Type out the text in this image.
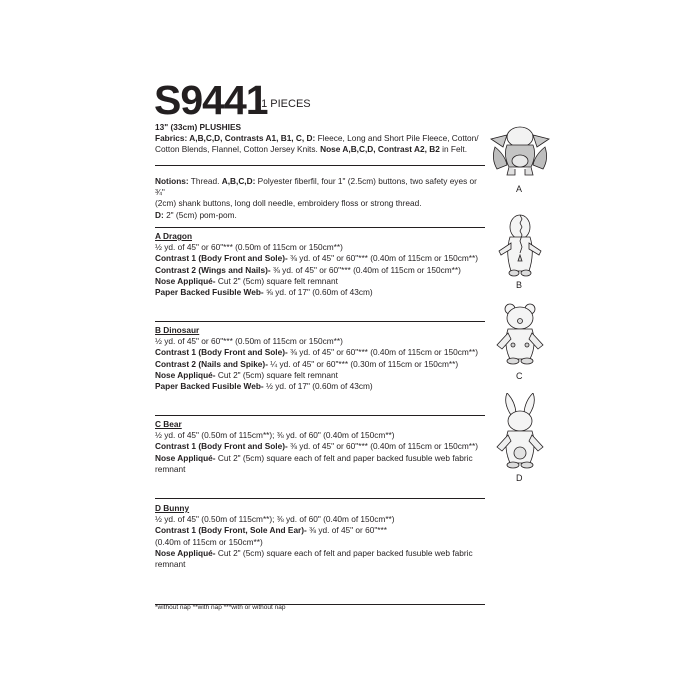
S9441
21 PIECES
13" (33cm) PLUSHIES
Fabrics: A,B,C,D, Contrasts A1, B1, C, D: Fleece, Long and Short Pile Fleece, Cotton/
Cotton Blends, Flannel, Cotton Jersey Knits. Nose A,B,C,D, Contrast A2, B2 in Felt.
Notions: Thread. A,B,C,D: Polyester fiberfil, four 1" (2.5cm) buttons, two safety eyes or ¾"
(2cm) shank buttons, long doll needle, embroidery floss or strong thread.
D: 2" (5cm) pom-pom.
A Dragon
½ yd. of 45" or 60"*** (0.50m of 115cm or 150cm**)
Contrast 1 (Body Front and Sole)- ⅜ yd. of 45" or 60"*** (0.40m of 115cm or 150cm**)
Contrast 2 (Wings and Nails)- ⅜ yd. of 45" or 60"*** (0.40m of 115cm or 150cm**)
Nose Appliqué- Cut 2" (5cm) square felt remnant
Paper Backed Fusible Web- ⅝ yd. of 17" (0.60m of 43cm)
B Dinosaur
½ yd. of 45" or 60"*** (0.50m of 115cm or 150cm**)
Contrast 1 (Body Front and Sole)- ⅜ yd. of 45" or 60"*** (0.40m of 115cm or 150cm**)
Contrast 2 (Nails and Spike)- ¼ yd. of 45" or 60"*** (0.30m of 115cm or 150cm**)
Nose Appliqué- Cut 2" (5cm) square felt remnant
Paper Backed Fusible Web- ½ yd. of 17" (0.60m of 43cm)
C Bear
½ yd. of 45" (0.50m of 115cm**); ⅜ yd. of 60" (0.40m of 150cm**)
Contrast 1 (Body Front and Sole)- ⅜ yd. of 45" or 60"*** (0.40m of 115cm or 150cm**)
Nose Appliqué- Cut 2" (5cm) square each of felt and paper backed fusuble web fabric
remnant
D Bunny
½ yd. of 45" (0.50m of 115cm**); ⅜ yd. of 60" (0.40m of 150cm**)
Contrast 1 (Body Front, Sole And Ear)- ⅜ yd. of 45" or 60"***
(0.40m of 115cm or 150cm**)
Nose Appliqué- Cut 2" (5cm) square each of felt and paper backed fusuble web fabric
remnant
*without nap **with nap ***with or without nap
A
B
C
D
